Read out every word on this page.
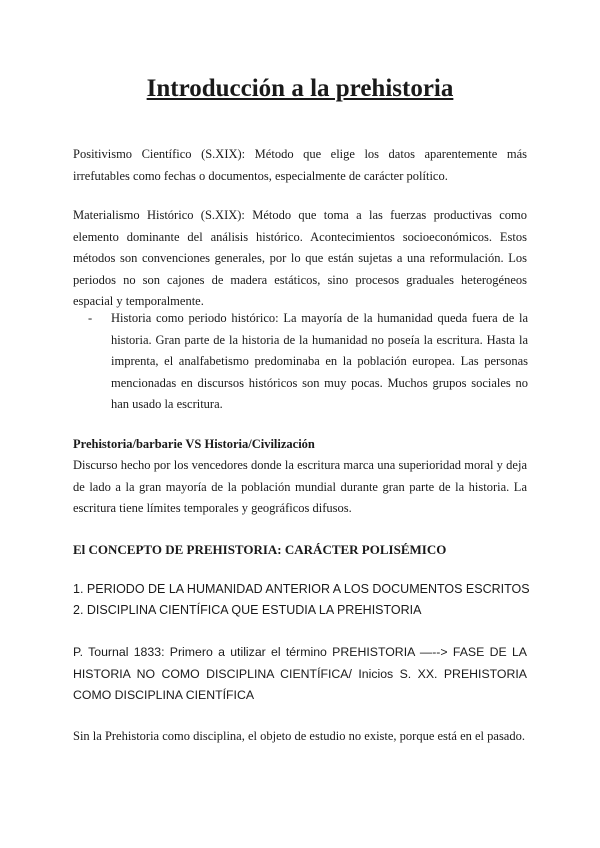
Introducción a la prehistoria
Positivismo Científico (S.XIX): Método que elige los datos aparentemente más irrefutables como fechas o documentos, especialmente de carácter político.
Materialismo Histórico (S.XIX): Método que toma a las fuerzas productivas como elemento dominante del análisis histórico. Acontecimientos socioeconómicos. Estos métodos son convenciones generales, por lo que están sujetas a una reformulación. Los periodos no son cajones de madera estáticos, sino procesos graduales heterogéneos espacial y temporalmente.
-	Historia como periodo histórico: La mayoría de la humanidad queda fuera de la historia. Gran parte de la historia de la humanidad no poseía la escritura. Hasta la imprenta, el analfabetismo predominaba en la población europea. Las personas mencionadas en discursos históricos son muy pocas. Muchos grupos sociales no han usado la escritura.
Prehistoria/barbarie VS Historia/Civilización
Discurso hecho por los vencedores donde la escritura marca una superioridad moral y deja de lado a la gran mayoría de la población mundial durante gran parte de la historia. La escritura tiene límites temporales y geográficos difusos.
El CONCEPTO DE PREHISTORIA: CARÁCTER POLISÉMICO
1. PERIODO DE LA HUMANIDAD ANTERIOR A LOS DOCUMENTOS ESCRITOS
2. DISCIPLINA CIENTÍFICA QUE ESTUDIA LA PREHISTORIA
P. Tournal 1833: Primero a utilizar el término PREHISTORIA —--> FASE DE LA HISTORIA NO COMO DISCIPLINA CIENTÍFICA/ Inicios S. XX. PREHISTORIA COMO DISCIPLINA CIENTÍFICA
Sin la Prehistoria como disciplina, el objeto de estudio no existe, porque está en el pasado.
